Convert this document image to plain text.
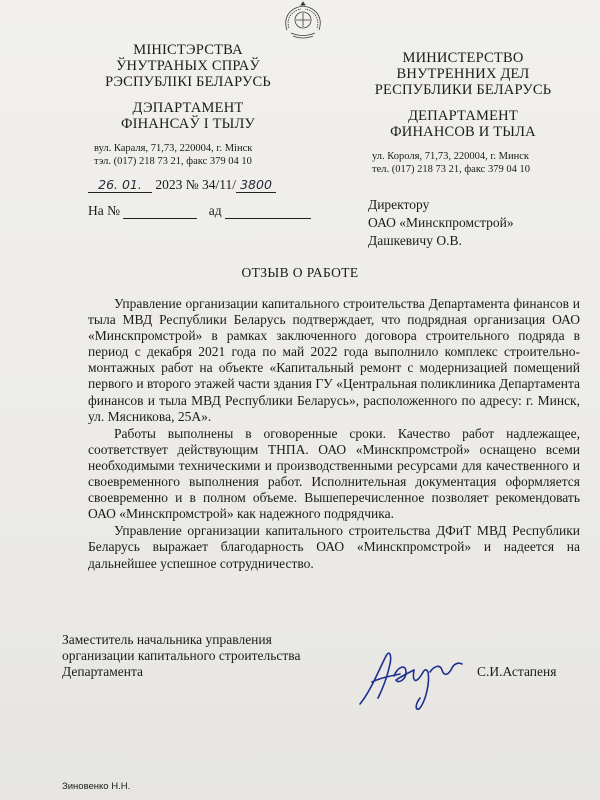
МІНІСТЭРСТВА
ЎНУТРАНЫХ СПРАЎ
РЭСПУБЛІКІ БЕЛАРУСЬ
ДЭПАРТАМЕНТ
ФІНАНСАЎ І ТЫЛУ
вул. Караля, 71,73, 220004, г. Мінск
тэл. (017) 218 73 21, факс 379 04 10
МИНИСТЕРСТВО
ВНУТРЕННИХ ДЕЛ
РЕСПУБЛИКИ БЕЛАРУСЬ
ДЕПАРТАМЕНТ
ФИНАНСОВ И ТЫЛА
ул. Короля, 71,73, 220004, г. Минск
тел. (017) 218 73 21, факс 379 04 10
26. 01. 2023 № 34/11/ 3800
На №	ад	Директору
ОАО «Минскпромстрой»
Дашкевичу О.В.
ОТЗЫВ О РАБОТЕ

Управление организации капитального строительства Департамента финансов и тыла МВД Республики Беларусь подтверждает, что подрядная организация ОАО «Минскпромстрой» в рамках заключенного договора строительного подряда в период с декабря 2021 года по май 2022 года выполнило комплекс строительно-монтажных работ на объекте «Капитальный ремонт с модернизацией помещений первого и второго этажей части здания ГУ «Центральная поликлиника Департамента финансов и тыла МВД Республики Беларусь», расположенного по адресу: г. Минск, ул. Мясникова, 25А».

Работы выполнены в оговоренные сроки. Качество работ надлежащее, соответствует действующим ТНПА. ОАО «Минскпромстрой» оснащено всеми необходимыми техническими и производственными ресурсами для качественного и своевременного выполнения работ. Исполнительная документация оформляется своевременно и в полном объеме. Вышеперечисленное позволяет рекомендовать ОАО «Минскпромстрой» как надежного подрядчика.

Управление организации капитального строительства ДФиТ МВД Республики Беларусь выражает благодарность ОАО «Минскпромстрой» и надеется на дальнейшее успешное сотрудничество.

Заместитель начальника управления
организации капитального строительства
Департамента	С.И.Астапеня
Зиновенко Н.Н.
